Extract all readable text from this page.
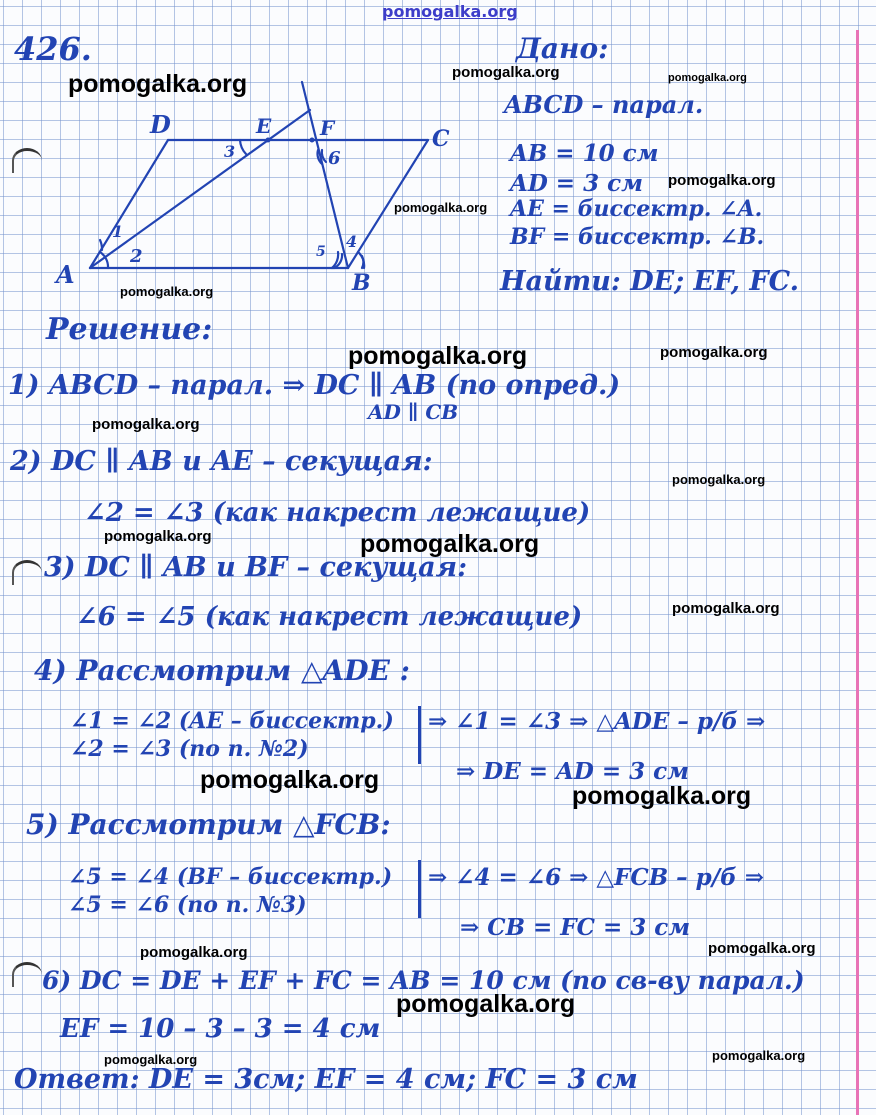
pomogalka.org
426.
D	E F	C
A	B
1
2
3
4
5
6
Дано:
ABCD – парал.
AB = 10 см
AD = 3 см
AE = биссектр. ∠A.
BF = биссектр. ∠B.
Найти: DE; EF, FC.
Решение:
1) ABCD – парал. ⇒ DC ∥ AB (по опред.)
AD ∥ CB
2) DC ∥ AB и AE – секущая:
∠2 = ∠3 (как накрест лежащие)
3) DC ∥ AB и BF – секущая:
∠6 = ∠5 (как накрест лежащие)
4) Рассмотрим △ADE :
∠1 = ∠2 (AE – биссектр.)
∠2 = ∠3 (по п. №2)
⇒ ∠1 = ∠3 ⇒ △ADE – р/б ⇒
⇒ DE = AD = 3 см
5) Рассмотрим △FCB:
∠5 = ∠4 (BF – биссектр.)
∠5 = ∠6 (по п. №3)
⇒ ∠4 = ∠6 ⇒ △FCB – р/б ⇒
⇒ CB = FC = 3 см
6) DC = DE + EF + FC = AB = 10 см (по св-ву парал.)
EF = 10 – 3 – 3 = 4 см
Ответ: DE = 3см; EF = 4 см; FC = 3 см
pomogalka.org	pomogalka.org	pomogalka.org
pomogalka.org
pomogalka.org
pomogalka.org
pomogalka.org	pomogalka.org
pomogalka.org
pomogalka.org
pomogalka.org	pomogalka.org
pomogalka.org
pomogalka.org
pomogalka.org
pomogalka.org	pomogalka.org
pomogalka.org
pomogalka.org	pomogalka.org
